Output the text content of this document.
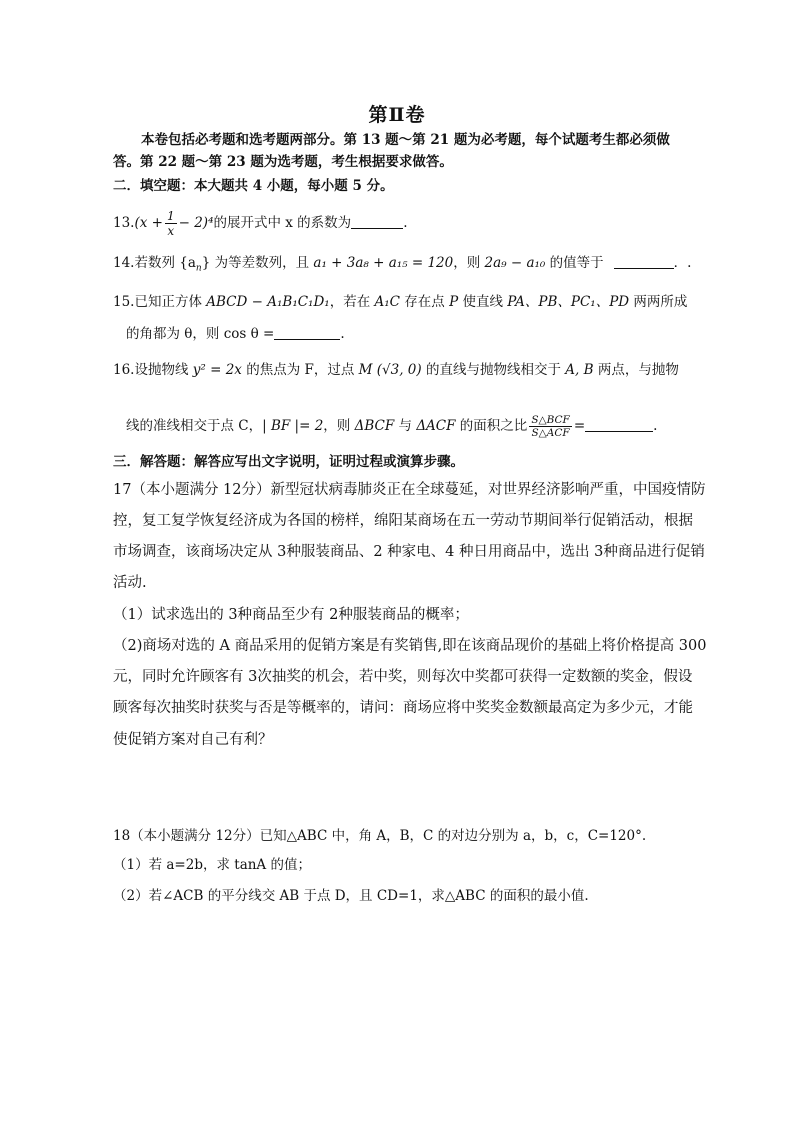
第Ⅱ卷
本卷包括必考题和选考题两部分。第 13 题～第 21 题为必考题，每个试题考生都必须做
答。第 22 题～第 23 题为选考题，考生根据要求做答。
二．填空题：本大题共 4 小题，每小题 5 分。
$13.(x + \frac{1}{x} - 2)^4$的展开式中 x 的系数为	.
14.若数列 $\{a_n\}$ 为等差数列，且 a₁ + 3a₈ + a₁₅ = 120，则 2a₉ − a₁₀ 的值等于	．.
15.已知正方体 ABCD − A₁B₁C₁D₁，若在 A₁C 存在点 P 使直线 PA、PB、PC₁、PD 两两所成
的角都为 θ，则 cos θ =	.
16.设抛物线 y² = 2x 的焦点为 F，过点 M (√3, 0) 的直线与抛物线相交于 A, B 两点，与抛物
线的准线相交于点 C，| BF |= 2，则 ΔBCF 与 ΔACF 的面积之比 $\frac{\text{S△BCF}}{\text{S△ACF}}$ =	.
三．解答题：解答应写出文字说明，证明过程或演算步骤。
17（本小题满分 12分）新型冠状病毒肺炎正在全球蔓延，对世界经济影响严重，中国疫情防
控，复工复学恢复经济成为各国的榜样，绵阳某商场在五一劳动节期间举行促销活动，根据
市场调查，该商场决定从 3种服装商品、2 种家电、4 种日用商品中，选出 3种商品进行促销
活动.
（1）试求选出的 3种商品至少有 2种服装商品的概率；
（2)商场对选的 A 商品采用的促销方案是有奖销售,即在该商品现价的基础上将价格提高 300
元，同时允许顾客有 3次抽奖的机会，若中奖，则每次中奖都可获得一定数额的奖金，假设
顾客每次抽奖时获奖与否是等概率的，请问：商场应将中奖奖金数额最高定为多少元，才能
使促销方案对自己有利？
18（本小题满分 12分）已知△ABC 中，角 A，B，C 的对边分别为 a，b，c，C=120°.
（1）若 a=2b，求 tanA 的值；
（2）若∠ACB 的平分线交 AB 于点 D，且 CD=1，求△ABC 的面积的最小值.
